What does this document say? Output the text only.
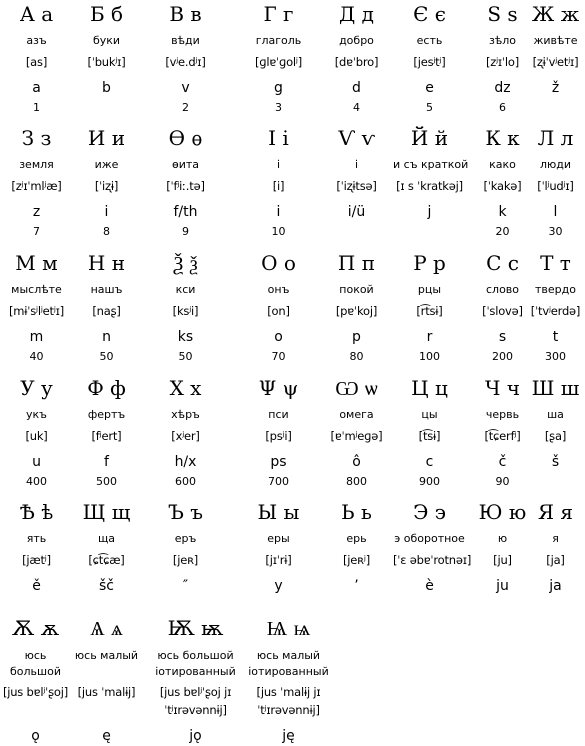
А а
азъ
[as]
a
1
Б б
буки
[ˈbukʲɪ]
b
В в
вѣди
[vʲe.dʲɪ]
v
2
Г г
глаголь
[ɡlɐˈɡolʲ]
g
3
Д д
добро
[dɐˈbro]
d
4
Є є
есть
[jesʲtʲ]
e
5
Ѕ ѕ
зѣло
[zʲɪˈlo]
dz
6
Ж ж
живѣте
[ʐɨˈvʲetʲɪ]
ž
З з
земля
[zʲɪˈmlʲæ]
z
7
И и
иже
[ˈiʐɨ]
i
8
Ѳ ѳ
ѳита
[ˈfʲiː.tə]
f/th
9
І і
і
[i]
i
10
Ѵ ѵ
і
[ˈiʐɨtsə]
i/ü
Й й
и съ краткой
[ɪ s ˈkratkəj]
j
К к
како
[ˈkakə]
k
20
Л л
люди
[ˈlʲudʲɪ]
l
30
М м
мыслѣте
[mɨˈsʲlʲetʲɪ]
m
40
Н н
нашъ
[naʂ]
n
50
Ѯ ѯ
кси
[ksʲi]
ks
50
О о
онъ
[on]
o
70
П п
покой
[pɐˈkoj]
p
80
Р р
рцы
[r͡tsɨ]
r
100
С с
слово
[ˈslovə]
s
200
Т т
твердо
[ˈtvʲerdə]
t
300
У у
укъ
[uk]
u
400
Ф ф
фертъ
[fʲert]
f
500
Х х
хѣръ
[xʲer]
h/x
600
Ψ ψ
пси
[psʲi]
ps
700
Ѡ ѡ
омега
[ɐˈmʲeɡə]
ô
800
Ц ц
цы
[t͡sɨ]
c
900
Ч ч
червь
[t͡ɕerfʲ]
č
90
Ш ш
ша
[ʂa]
š
Ѣ ѣ
ять
[jætʲ]
ě
Щ щ
ща
[ɕt͡ɕæ]
šč
Ъ ъ
еръ
[jeʀ]
″
Ы ы
еры
[jɪˈrɨ]
y
Ь ь
ерь
[jeʀʲ]
’
Э э
э оборотное
[ˈɛ əbɐˈrotnəɪ]
è
Ю ю
ю
[ju]
ju
Я я
я
[ja]
ja
Ѫ ѫ
юсь большой
[jus bɐlʲˈʂoj]
ǫ
Ѧ ѧ
юсь малый
[jus ˈmalɨj]
ę
Ѭ ѭ
юсь большой іотированный
[jus bɐlʲˈʂoj jɪˈtʲɪrəvənnɨj]
jǫ
Ѩ ѩ
юсь малый іотированный
[jus ˈmalɨj jɪˈtʲɪrəvənnɨj]
ję
